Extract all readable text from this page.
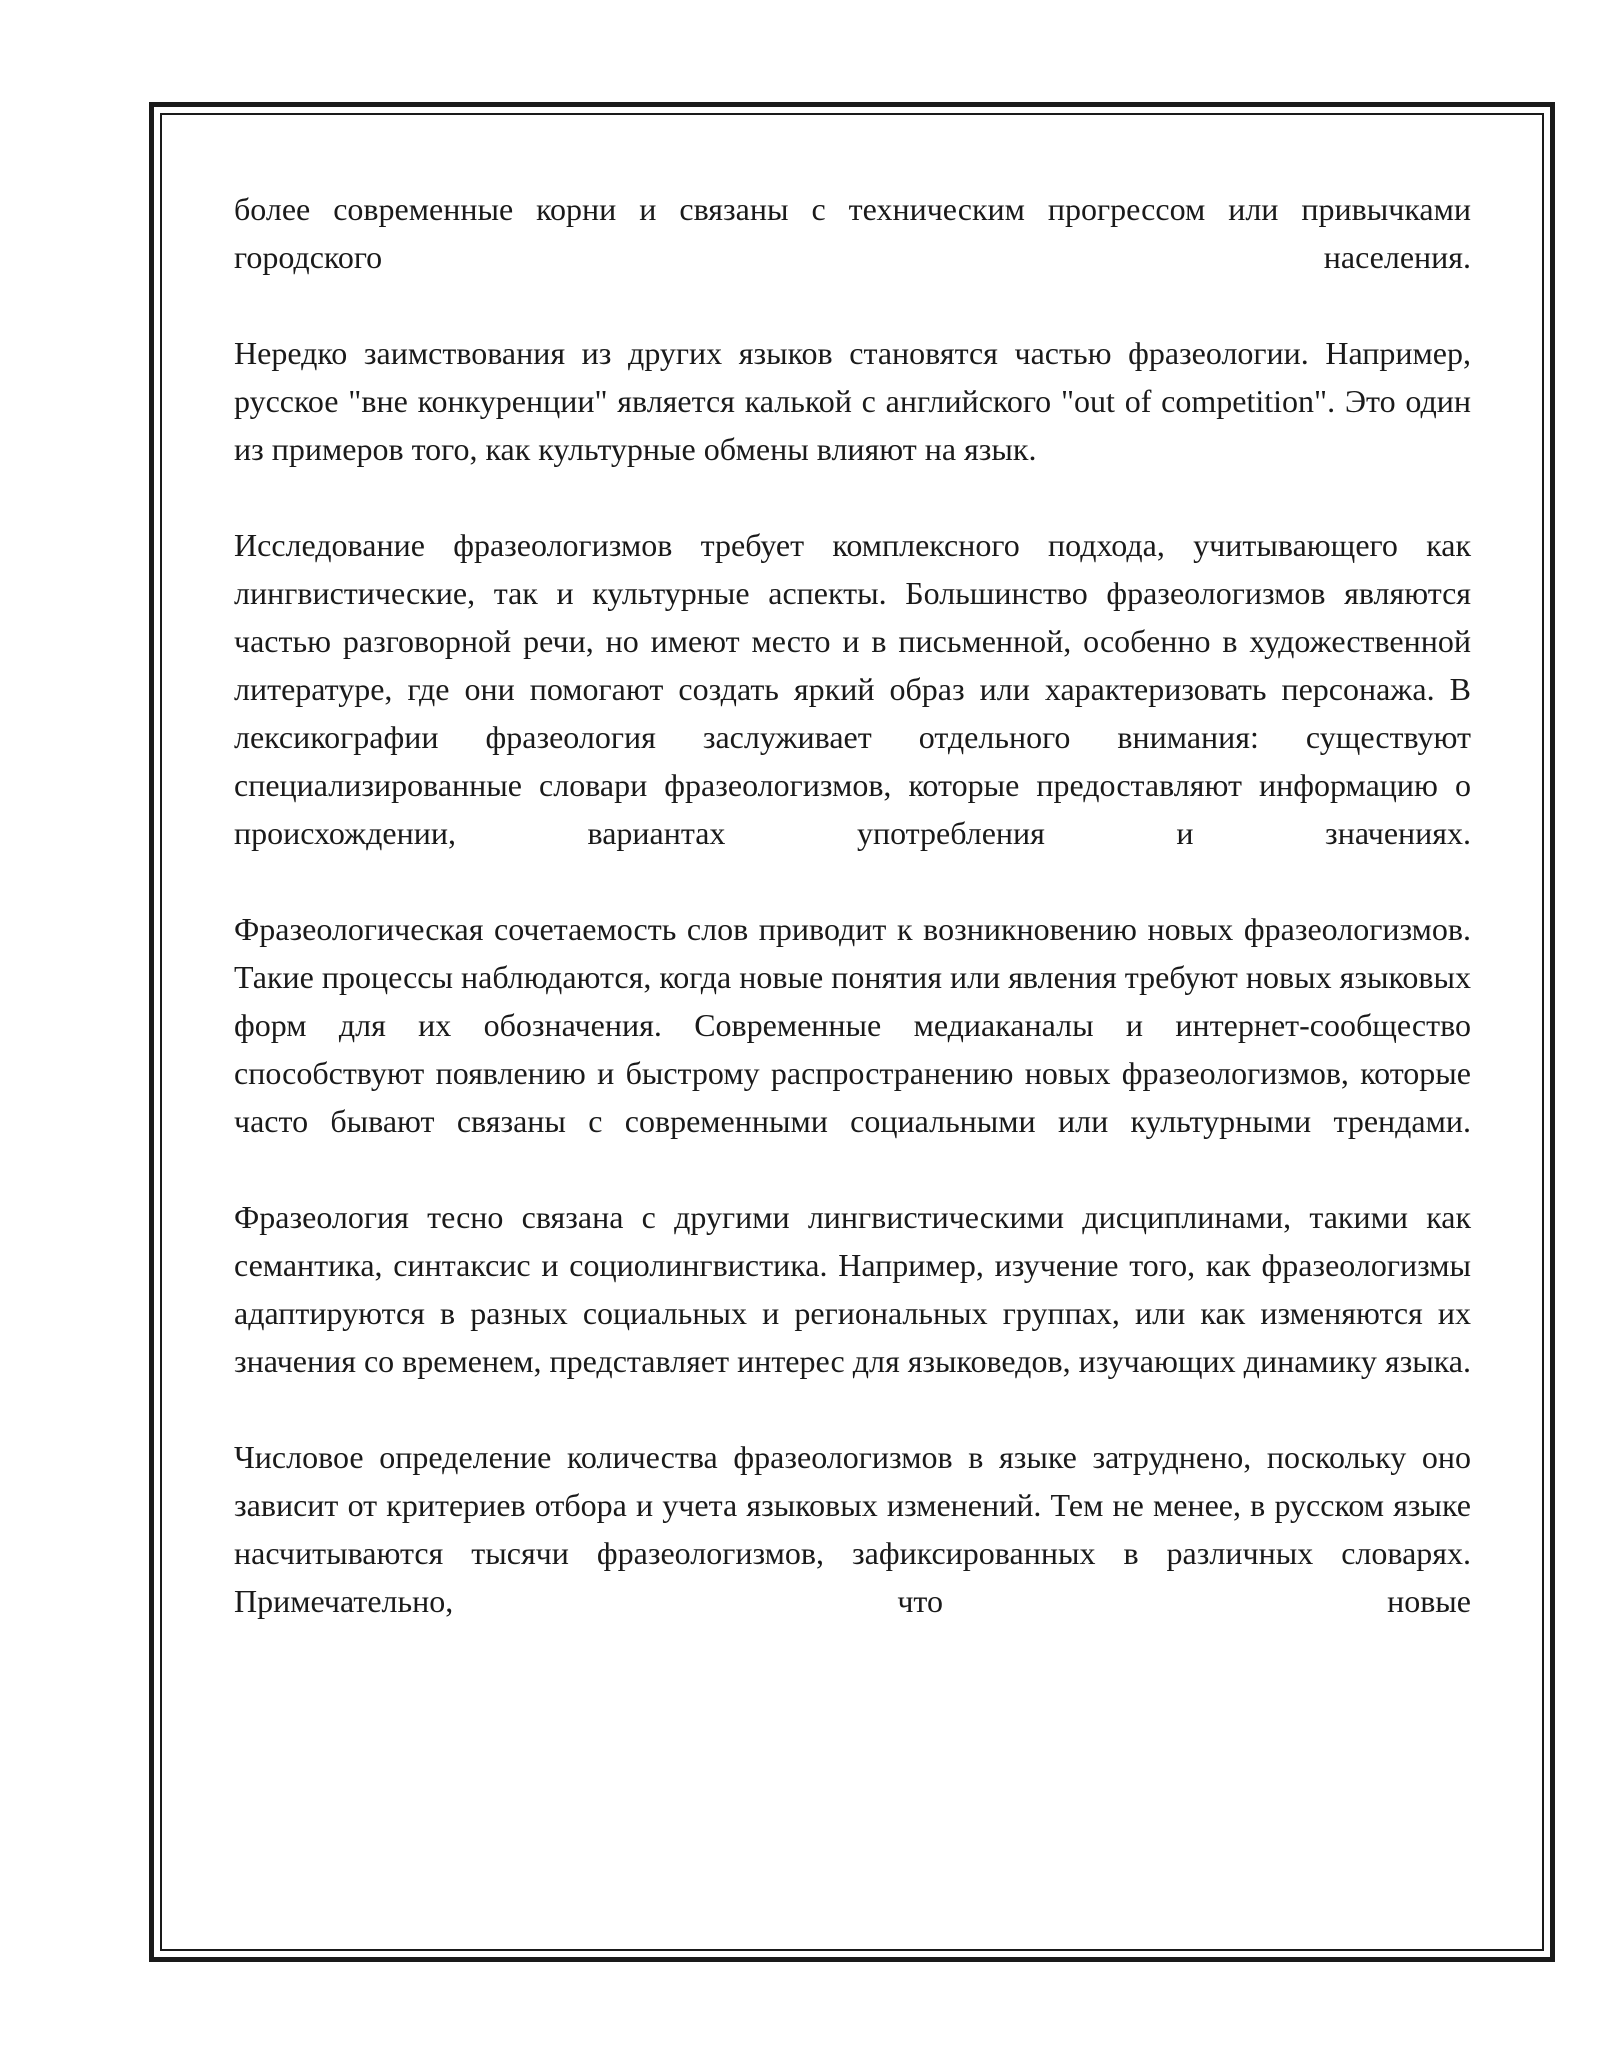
более современные корни и связаны с техническим прогрессом или привычками городского населения.

Нередко заимствования из других языков становятся частью фразеологии. Например, русское "вне конкуренции" является калькой с английского "out of competition". Это один из примеров того, как культурные обмены влияют на язык.

Исследование фразеологизмов требует комплексного подхода, учитывающего как лингвистические, так и культурные аспекты. Большинство фразеологизмов являются частью разговорной речи, но имеют место и в письменной, особенно в художественной литературе, где они помогают создать яркий образ или характеризовать персонажа. В лексикографии фразеология заслуживает отдельного внимания: существуют специализированные словари фразеологизмов, которые предоставляют информацию о происхождении, вариантах употребления и значениях.

Фразеологическая сочетаемость слов приводит к возникновению новых фразеологизмов. Такие процессы наблюдаются, когда новые понятия или явления требуют новых языковых форм для их обозначения. Современные медиаканалы и интернет-сообщество способствуют появлению и быстрому распространению новых фразеологизмов, которые часто бывают связаны с современными социальными или культурными трендами.

Фразеология тесно связана с другими лингвистическими дисциплинами, такими как семантика, синтаксис и социолингвистика. Например, изучение того, как фразеологизмы адаптируются в разных социальных и региональных группах, или как изменяются их значения со временем, представляет интерес для языковедов, изучающих динамику языка.

Числовое определение количества фразеологизмов в языке затруднено, поскольку оно зависит от критериев отбора и учета языковых изменений. Тем не менее, в русском языке насчитываются тысячи фразеологизмов, зафиксированных в различных словарях. Примечательно, что новые
